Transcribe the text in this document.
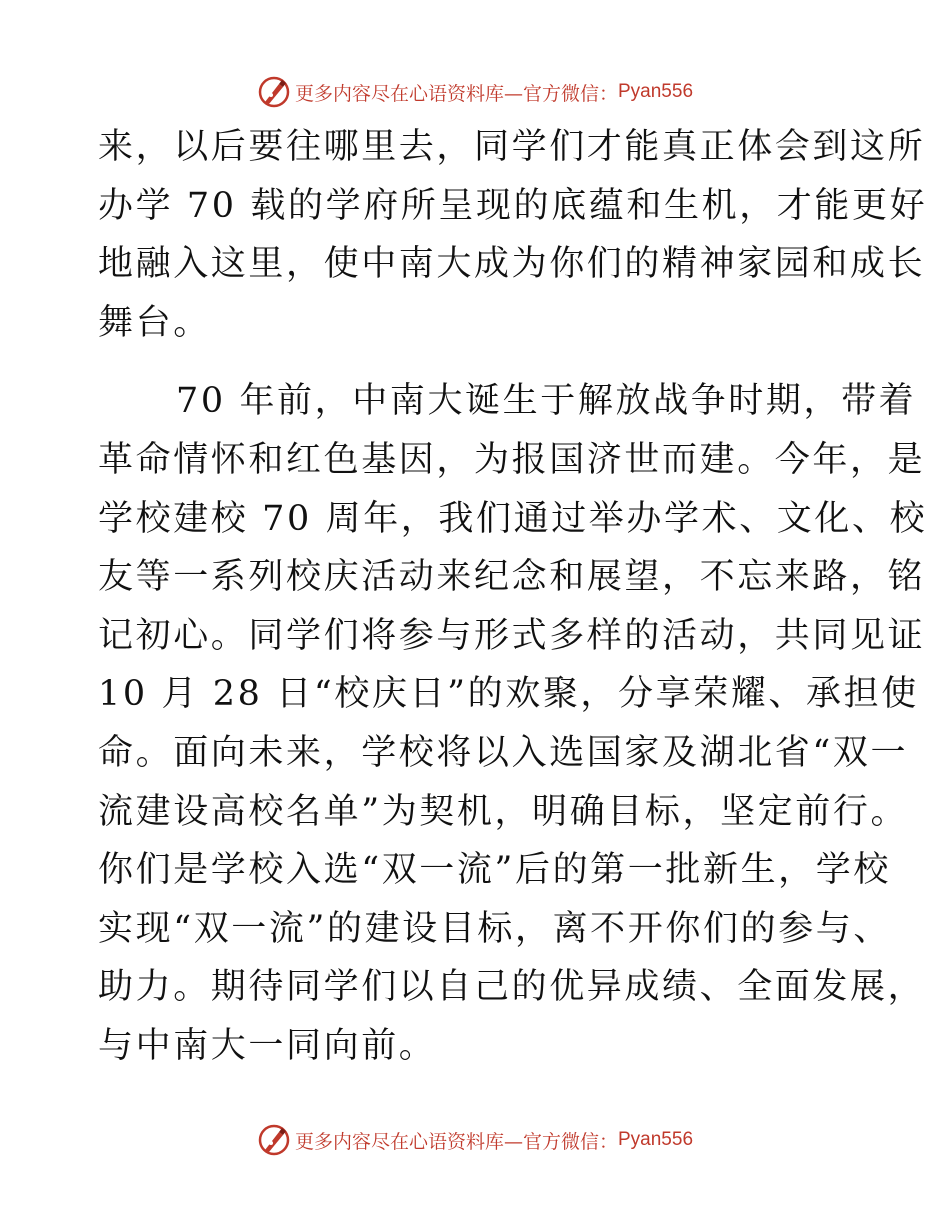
更多内容尽在心语资料库—官方微信： Pyan556
来，以后要往哪里去，同学们才能真正体会到这所
办学 70 载的学府所呈现的底蕴和生机，才能更好
地融入这里，使中南大成为你们的精神家园和成长
舞台。
70 年前，中南大诞生于解放战争时期，带着
革命情怀和红色基因，为报国济世而建。今年，是
学校建校 70 周年，我们通过举办学术、文化、校
友等一系列校庆活动来纪念和展望，不忘来路，铭
记初心。同学们将参与形式多样的活动，共同见证
10 月 28 日“校庆日”的欢聚，分享荣耀、承担使
命。面向未来，学校将以入选国家及湖北省“双一
流建设高校名单”为契机，明确目标，坚定前行。
你们是学校入选“双一流”后的第一批新生，学校
实现“双一流”的建设目标，离不开你们的参与、
助力。期待同学们以自己的优异成绩、全面发展，
与中南大一同向前。
更多内容尽在心语资料库—官方微信： Pyan556
